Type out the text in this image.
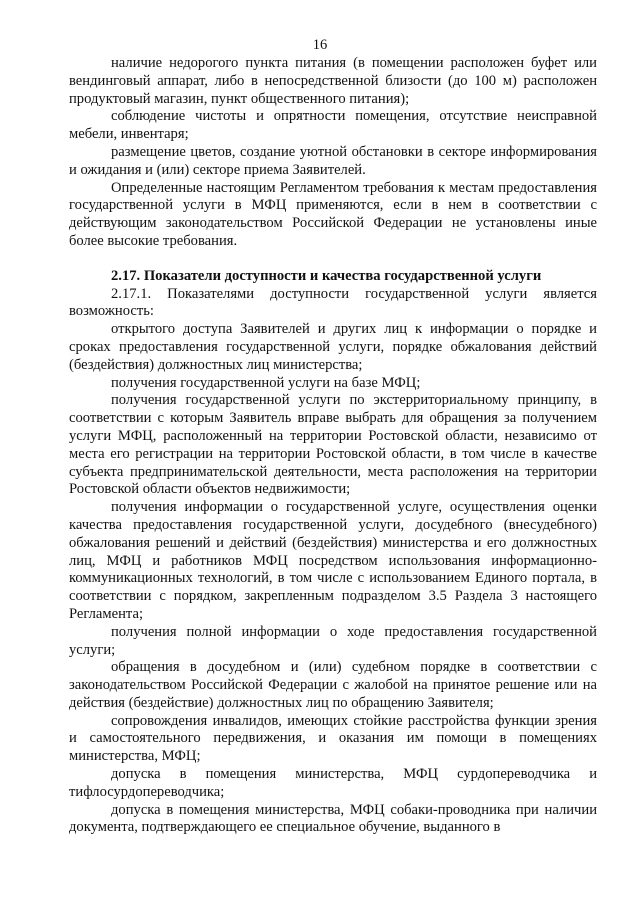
16

наличие недорогого пункта питания (в помещении расположен буфет или вендинговый аппарат, либо в непосредственной близости (до 100 м) расположен продуктовый магазин, пункт общественного питания);

соблюдение чистоты и опрятности помещения, отсутствие неисправной мебели, инвентаря;

размещение цветов, создание уютной обстановки в секторе информирования и ожидания и (или) секторе приема Заявителей.

Определенные настоящим Регламентом требования к местам предоставления государственной услуги в МФЦ применяются, если в нем в соответствии с действующим законодательством Российской Федерации не установлены иные более высокие требования.

2.17. Показатели доступности и качества государственной услуги

2.17.1. Показателями доступности государственной услуги является возможность:

открытого доступа Заявителей и других лиц к информации о порядке и сроках предоставления государственной услуги, порядке обжалования действий (бездействия) должностных лиц министерства;

получения государственной услуги на базе МФЦ;

получения государственной услуги по экстерриториальному принципу, в соответствии с которым Заявитель вправе выбрать для обращения за получением услуги МФЦ, расположенный на территории Ростовской области, независимо от места его регистрации на территории Ростовской области, в том числе в качестве субъекта предпринимательской деятельности, места расположения на территории Ростовской области объектов недвижимости;

получения информации о государственной услуге, осуществления оценки качества предоставления государственной услуги, досудебного (внесудебного) обжалования решений и действий (бездействия) министерства и его должностных лиц, МФЦ и работников МФЦ посредством использования информационно-коммуникационных технологий, в том числе с использованием Единого портала, в соответствии с порядком, закрепленным подразделом 3.5 Раздела 3 настоящего Регламента;

получения полной информации о ходе предоставления государственной услуги;

обращения в досудебном и (или) судебном порядке в соответствии с законодательством Российской Федерации с жалобой на принятое решение или на действия (бездействие) должностных лиц по обращению Заявителя;

сопровождения инвалидов, имеющих стойкие расстройства функции зрения и самостоятельного передвижения, и оказания им помощи в помещениях министерства, МФЦ;

допуска в помещения министерства, МФЦ сурдопереводчика и тифлосурдопереводчика;

допуска в помещения министерства, МФЦ собаки-проводника при наличии документа, подтверждающего ее специальное обучение, выданного в
